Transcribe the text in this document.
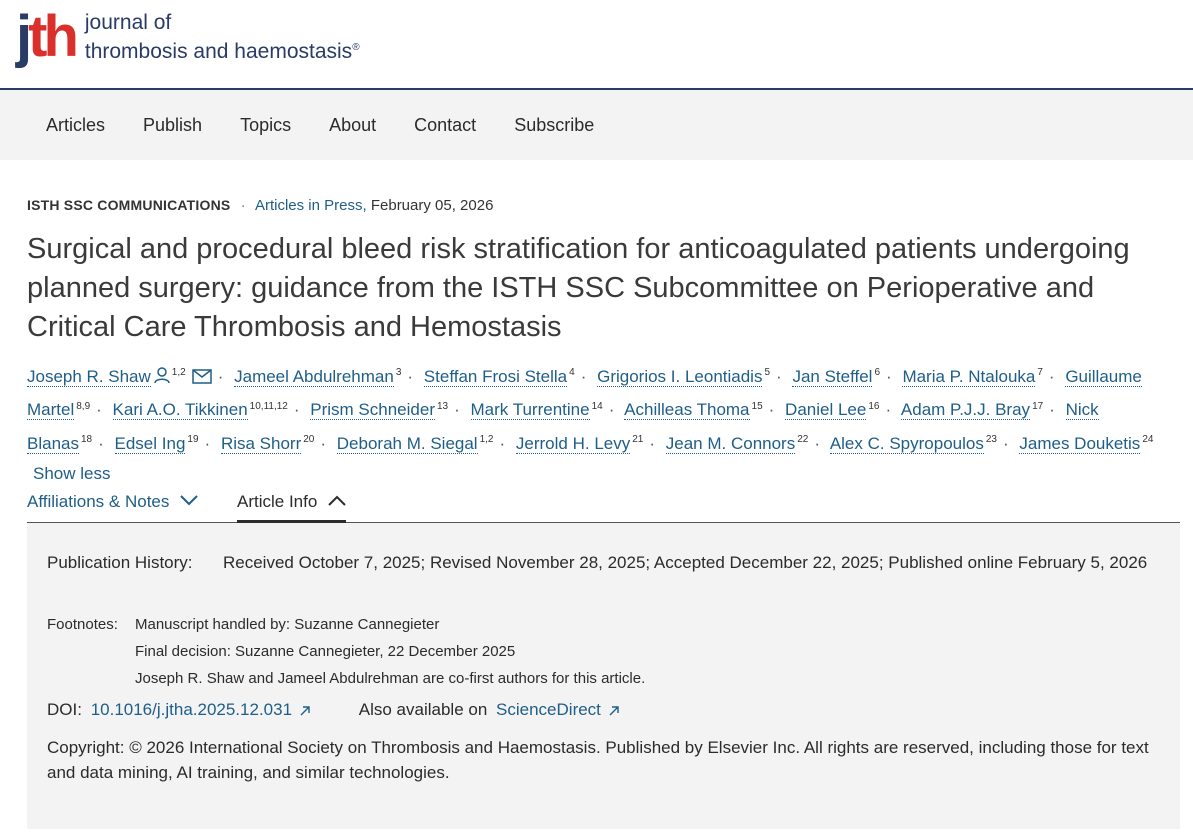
jth journal of
thrombosis and haemostasis®
Articles Publish Topics About Contact Subscribe
ISTH SSC COMMUNICATIONS · Articles in Press, February 05, 2026
Surgical and procedural bleed risk stratification for anticoagulated patients undergoing planned surgery: guidance from the ISTH SSC Subcommittee on Perioperative and Critical Care Thrombosis and Hemostasis
Joseph R. Shaw $^{1,2}$ · Jameel Abdulrehman $^3$ · Steffan Frosi Stella $^4$ · Grigorios I. Leontiadis $^5$ · Jan Steffel $^6$ · Maria P. Ntalouka $^7$ · Guillaume Martel $^{8,9}$ · Kari A.O. Tikkinen $^{10,11,12}$ · Prism Schneider $^{13}$ · Mark Turrentine $^{14}$ · Achilleas Thoma $^{15}$ · Daniel Lee $^{16}$ · Adam P.J.J. Bray $^{17}$ · Nick Blanas $^{18}$ · Edsel Ing $^{19}$ · Risa Shorr $^{20}$ · Deborah M. Siegal $^{1,2}$ · Jerrold H. Levy $^{21}$ · Jean M. Connors $^{22}$ · Alex C. Spyropoulos $^{23}$ · James Douketis $^{24}$ Show less
Affiliations & Notes	Article Info
Publication History:	Received October 7, 2025; Revised November 28, 2025; Accepted December 22, 2025; Published online February 5, 2026
Footnotes:	Manuscript handled by: Suzanne Cannegieter
Final decision: Suzanne Cannegieter, 22 December 2025
Joseph R. Shaw and Jameel Abdulrehman are co-first authors for this article.
DOI: 10.1016/j.jtha.2025.12.031	Also available on ScienceDirect
Copyright: © 2026 International Society on Thrombosis and Haemostasis. Published by Elsevier Inc. All rights are reserved, including those for text and data mining, AI training, and similar technologies.
